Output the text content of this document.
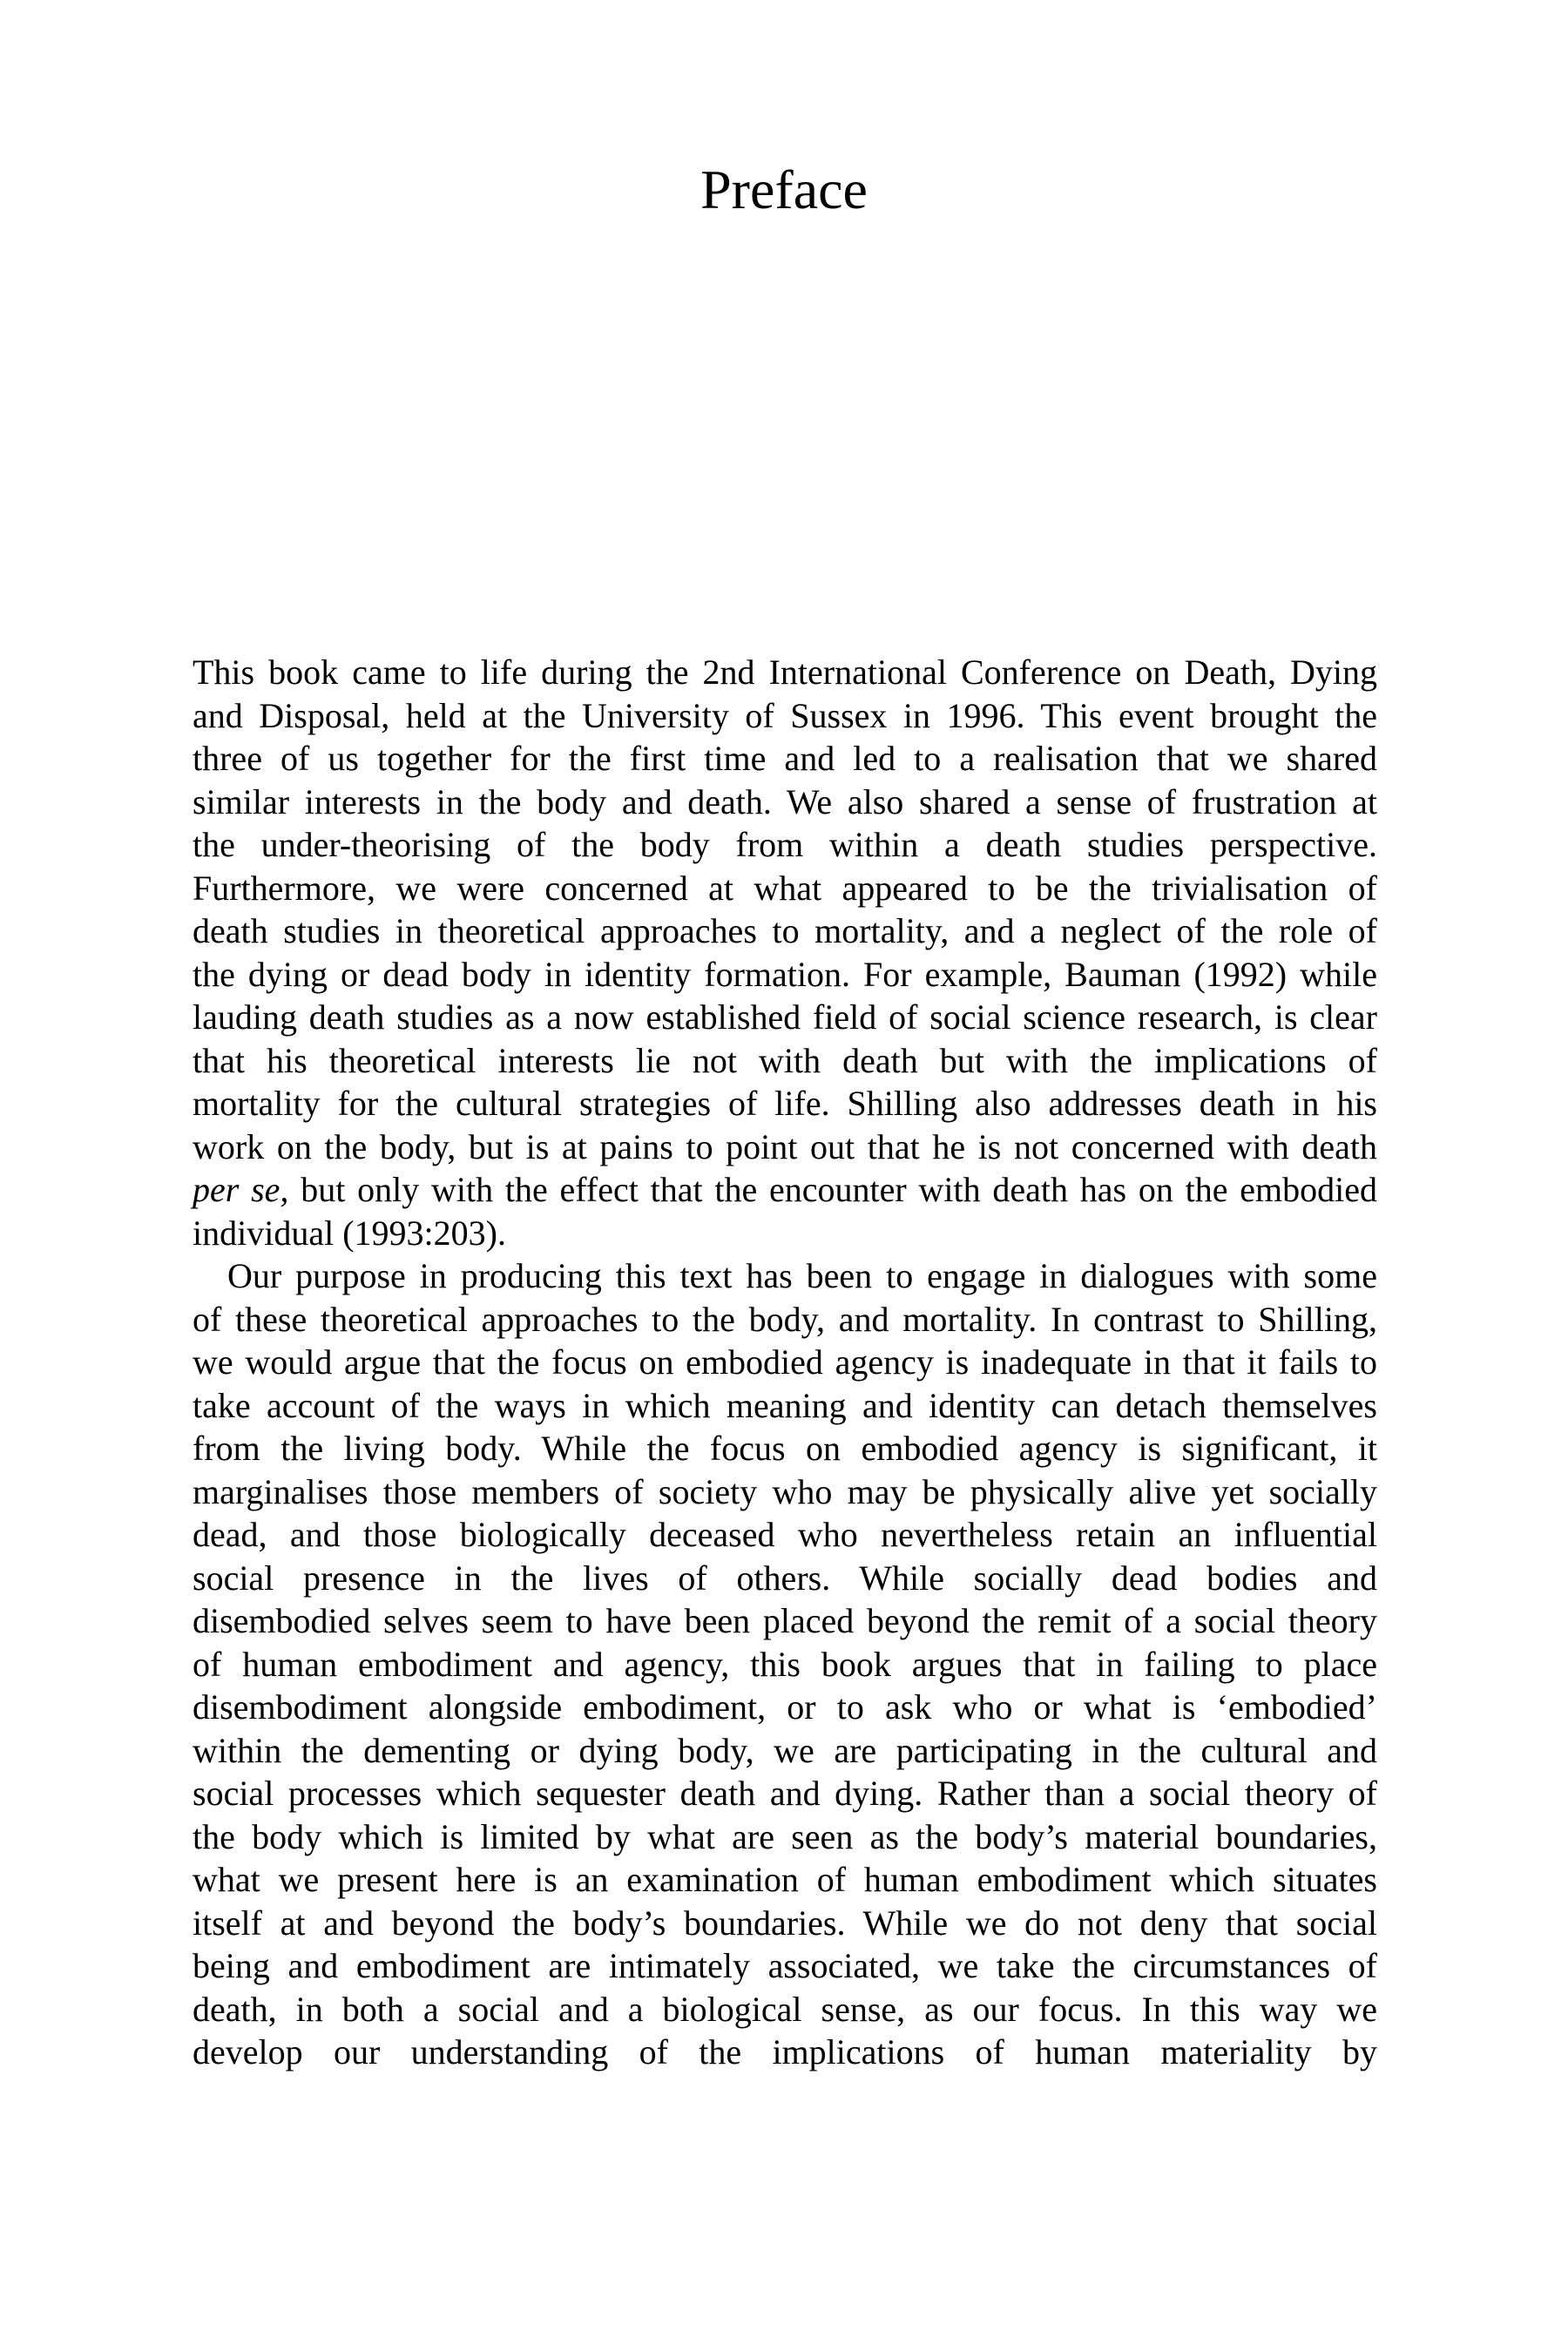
Preface
This book came to life during the 2nd International Conference on Death, Dying
and Disposal, held at the University of Sussex in 1996. This event brought the
three of us together for the first time and led to a realisation that we shared
similar interests in the body and death. We also shared a sense of frustration at
the under-theorising of the body from within a death studies perspective.
Furthermore, we were concerned at what appeared to be the trivialisation of
death studies in theoretical approaches to mortality, and a neglect of the role of
the dying or dead body in identity formation. For example, Bauman (1992) while
lauding death studies as a now established field of social science research, is clear
that his theoretical interests lie not with death but with the implications of
mortality for the cultural strategies of life. Shilling also addresses death in his
work on the body, but is at pains to point out that he is not concerned with death
per se, but only with the effect that the encounter with death has on the embodied
individual (1993:203).
Our purpose in producing this text has been to engage in dialogues with some
of these theoretical approaches to the body, and mortality. In contrast to Shilling,
we would argue that the focus on embodied agency is inadequate in that it fails to
take account of the ways in which meaning and identity can detach themselves
from the living body. While the focus on embodied agency is significant, it
marginalises those members of society who may be physically alive yet socially
dead, and those biologically deceased who nevertheless retain an influential
social presence in the lives of others. While socially dead bodies and
disembodied selves seem to have been placed beyond the remit of a social theory
of human embodiment and agency, this book argues that in failing to place
disembodiment alongside embodiment, or to ask who or what is ‘embodied’
within the dementing or dying body, we are participating in the cultural and
social processes which sequester death and dying. Rather than a social theory of
the body which is limited by what are seen as the body’s material boundaries,
what we present here is an examination of human embodiment which situates
itself at and beyond the body’s boundaries. While we do not deny that social
being and embodiment are intimately associated, we take the circumstances of
death, in both a social and a biological sense, as our focus. In this way we
develop our understanding of the implications of human materiality by
